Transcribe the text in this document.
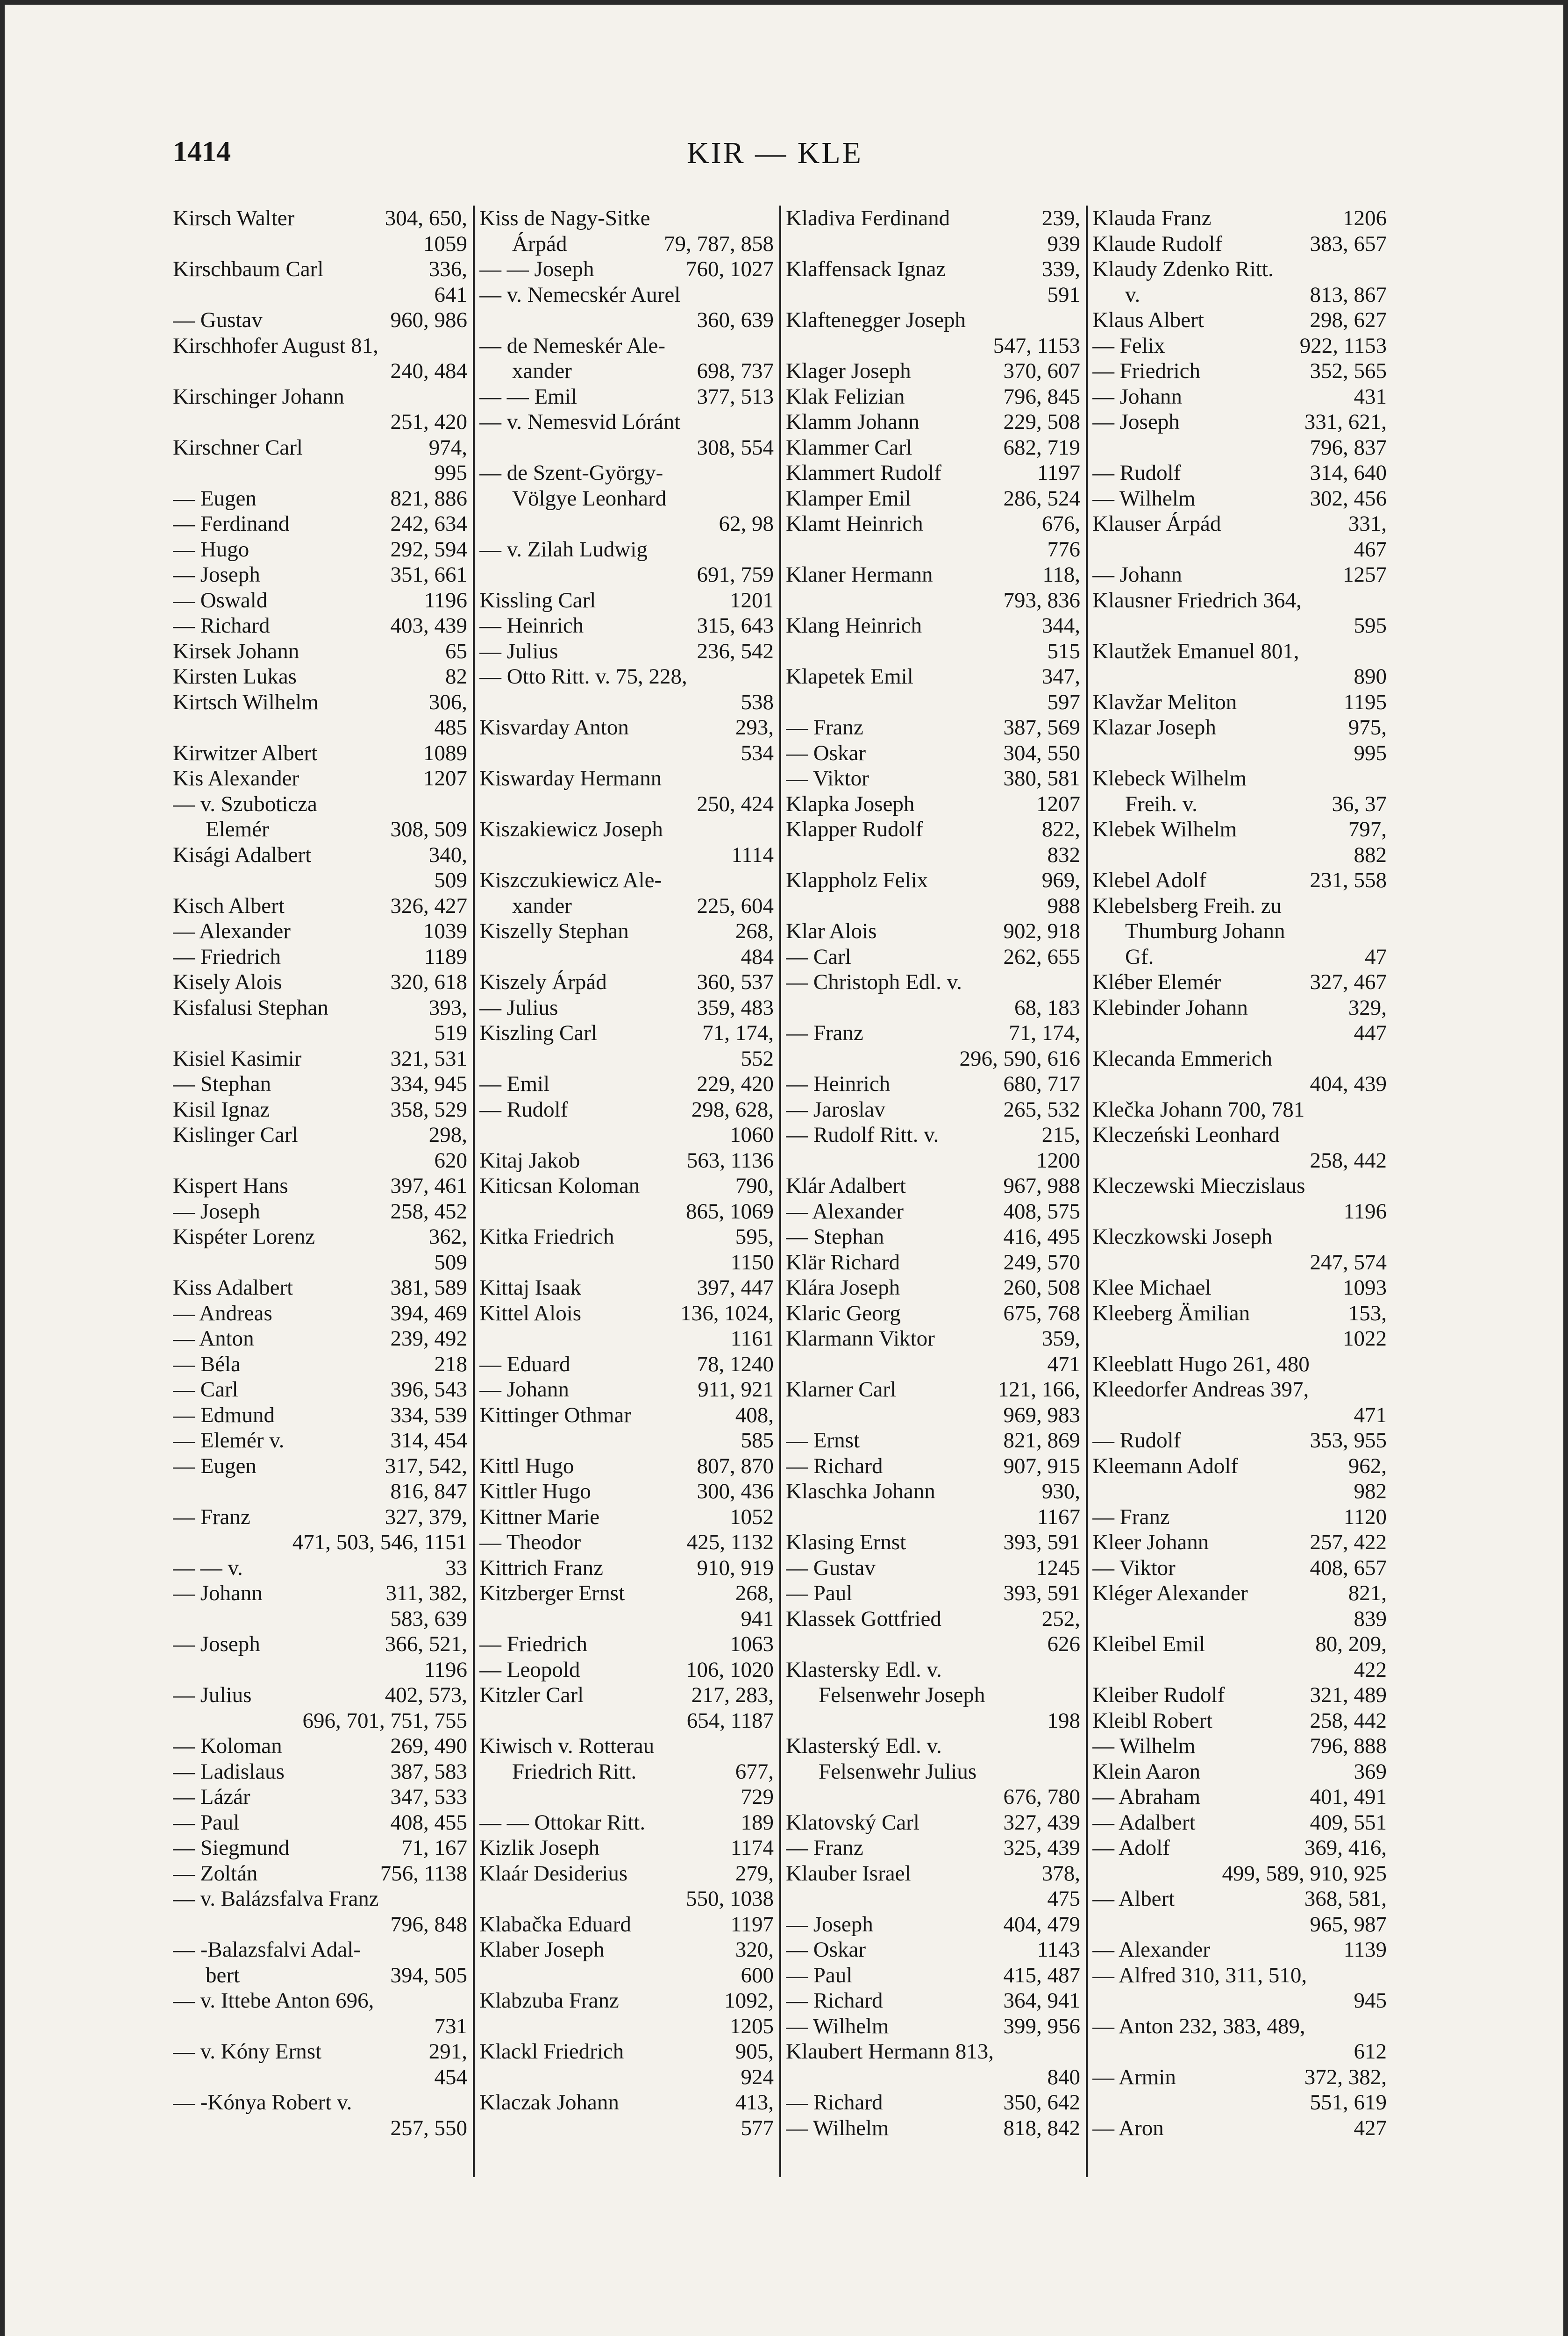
1414	KIR — KLE
Kirsch Walter	304, 650,
1059
Kirschbaum Carl	336,
641
— Gustav	960, 986
Kirschhofer August 81,
240, 484
Kirschinger Johann
251, 420
Kirschner Carl	974,
995
— Eugen	821, 886
— Ferdinand	242, 634
— Hugo	292, 594
— Joseph	351, 661
— Oswald	1196
— Richard	403, 439
Kirsek Johann	65
Kirsten Lukas	82
Kirtsch Wilhelm	306,
485
Kirwitzer Albert	1089
Kis Alexander	1207
— v. Szuboticza
Elemér	308, 509
Kisági Adalbert	340,
509
Kisch Albert	326, 427
— Alexander	1039
— Friedrich	1189
Kisely Alois	320, 618
Kisfalusi Stephan	393,
519
Kisiel Kasimir	321, 531
— Stephan	334, 945
Kisil Ignaz	358, 529
Kislinger Carl	298,
620
Kispert Hans	397, 461
— Joseph	258, 452
Kispéter Lorenz	362,
509
Kiss Adalbert	381, 589
— Andreas	394, 469
— Anton	239, 492
— Béla	218
— Carl	396, 543
— Edmund	334, 539
— Elemér v.	314, 454
— Eugen	317, 542,
816, 847
— Franz	327, 379,
471, 503, 546, 1151
— — v.	33
— Johann	311, 382,
583, 639
— Joseph	366, 521,
1196
— Julius	402, 573,
696, 701, 751, 755
— Koloman	269, 490
— Ladislaus	387, 583
— Lázár	347, 533
— Paul	408, 455
— Siegmund	71, 167
— Zoltán	756, 1138
— v. Balázsfalva Franz
796, 848
— -Balazsfalvi Adal-
bert	394, 505
— v. Ittebe Anton 696,
731
— v. Kóny Ernst	291,
454
— -Kónya Robert v.
257, 550
Kiss de Nagy-Sitke
Árpád	79, 787, 858
— — Joseph	760, 1027
— v. Nemecskér Aurel
360, 639
— de Nemeskér Ale-
xander	698, 737
— — Emil	377, 513
— v. Nemesvid Lóránt
308, 554
— de Szent-György-
Völgye Leonhard
62, 98
— v. Zilah Ludwig
691, 759
Kissling Carl	1201
— Heinrich	315, 643
— Julius	236, 542
— Otto Ritt. v. 75, 228,
538
Kisvarday Anton	293,
534
Kiswarday Hermann
250, 424
Kiszakiewicz Joseph
1114
Kiszczukiewicz Ale-
xander	225, 604
Kiszelly Stephan	268,
484
Kiszely Árpád	360, 537
— Julius	359, 483
Kiszling Carl	71, 174,
552
— Emil	229, 420
— Rudolf	298, 628,
1060
Kitaj Jakob	563, 1136
Kiticsan Koloman	790,
865, 1069
Kitka Friedrich	595,
1150
Kittaj Isaak	397, 447
Kittel Alois	136, 1024,
1161
— Eduard	78, 1240
— Johann	911, 921
Kittinger Othmar	408,
585
Kittl Hugo	807, 870
Kittler Hugo	300, 436
Kittner Marie	1052
— Theodor	425, 1132
Kittrich Franz	910, 919
Kitzberger Ernst	268,
941
— Friedrich	1063
— Leopold	106, 1020
Kitzler Carl	217, 283,
654, 1187
Kiwisch v. Rotterau
Friedrich Ritt.	677,
729
— — Ottokar Ritt.	189
Kizlik Joseph	1174
Klaár Desiderius	279,
550, 1038
Klabačka Eduard	1197
Klaber Joseph	320,
600
Klabzuba Franz	1092,
1205
Klackl Friedrich	905,
924
Klaczak Johann	413,
577
Kladiva Ferdinand	239,
939
Klaffensack Ignaz	339,
591
Klaftenegger Joseph
547, 1153
Klager Joseph	370, 607
Klak Felizian	796, 845
Klamm Johann	229, 508
Klammer Carl	682, 719
Klammert Rudolf	1197
Klamper Emil	286, 524
Klamt Heinrich	676,
776
Klaner Hermann	118,
793, 836
Klang Heinrich	344,
515
Klapetek Emil	347,
597
— Franz	387, 569
— Oskar	304, 550
— Viktor	380, 581
Klapka Joseph	1207
Klapper Rudolf	822,
832
Klappholz Felix	969,
988
Klar Alois	902, 918
— Carl	262, 655
— Christoph Edl. v.
68, 183
— Franz	71, 174,
296, 590, 616
— Heinrich	680, 717
— Jaroslav	265, 532
— Rudolf Ritt. v.	215,
1200
Klár Adalbert	967, 988
— Alexander	408, 575
— Stephan	416, 495
Klär Richard	249, 570
Klára Joseph	260, 508
Klaric Georg	675, 768
Klarmann Viktor	359,
471
Klarner Carl	121, 166,
969, 983
— Ernst	821, 869
— Richard	907, 915
Klaschka Johann	930,
1167
Klasing Ernst	393, 591
— Gustav	1245
— Paul	393, 591
Klassek Gottfried	252,
626
Klastersky Edl. v.
Felsenwehr Joseph
198
Klasterský Edl. v.
Felsenwehr Julius
676, 780
Klatovský Carl	327, 439
— Franz	325, 439
Klauber Israel	378,
475
— Joseph	404, 479
— Oskar	1143
— Paul	415, 487
— Richard	364, 941
— Wilhelm	399, 956
Klaubert Hermann 813,
840
— Richard	350, 642
— Wilhelm	818, 842
Klauda Franz	1206
Klaude Rudolf	383, 657
Klaudy Zdenko Ritt.
v.	813, 867
Klaus Albert	298, 627
— Felix	922, 1153
— Friedrich	352, 565
— Johann	431
— Joseph	331, 621,
796, 837
— Rudolf	314, 640
— Wilhelm	302, 456
Klauser Árpád	331,
467
— Johann	1257
Klausner Friedrich 364,
595
Klautžek Emanuel 801,
890
Klavžar Meliton	1195
Klazar Joseph	975,
995
Klebeck Wilhelm
Freih. v.	36, 37
Klebek Wilhelm	797,
882
Klebel Adolf	231, 558
Klebelsberg Freih. zu
Thumburg Johann
Gf.	47
Kléber Elemér	327, 467
Klebinder Johann	329,
447
Klecanda Emmerich
404, 439
Klečka Johann 700, 781
Kleczeński Leonhard
258, 442
Kleczewski Mieczislaus
1196
Kleczkowski Joseph
247, 574
Klee Michael	1093
Kleeberg Ämilian	153,
1022
Kleeblatt Hugo 261, 480
Kleedorfer Andreas 397,
471
— Rudolf	353, 955
Kleemann Adolf	962,
982
— Franz	1120
Kleer Johann	257, 422
— Viktor	408, 657
Kléger Alexander	821,
839
Kleibel Emil	80, 209,
422
Kleiber Rudolf	321, 489
Kleibl Robert	258, 442
— Wilhelm	796, 888
Klein Aaron	369
— Abraham	401, 491
— Adalbert	409, 551
— Adolf	369, 416,
499, 589, 910, 925
— Albert	368, 581,
965, 987
— Alexander	1139
— Alfred 310, 311, 510,
945
— Anton 232, 383, 489,
612
— Armin	372, 382,
551, 619
— Aron	427
